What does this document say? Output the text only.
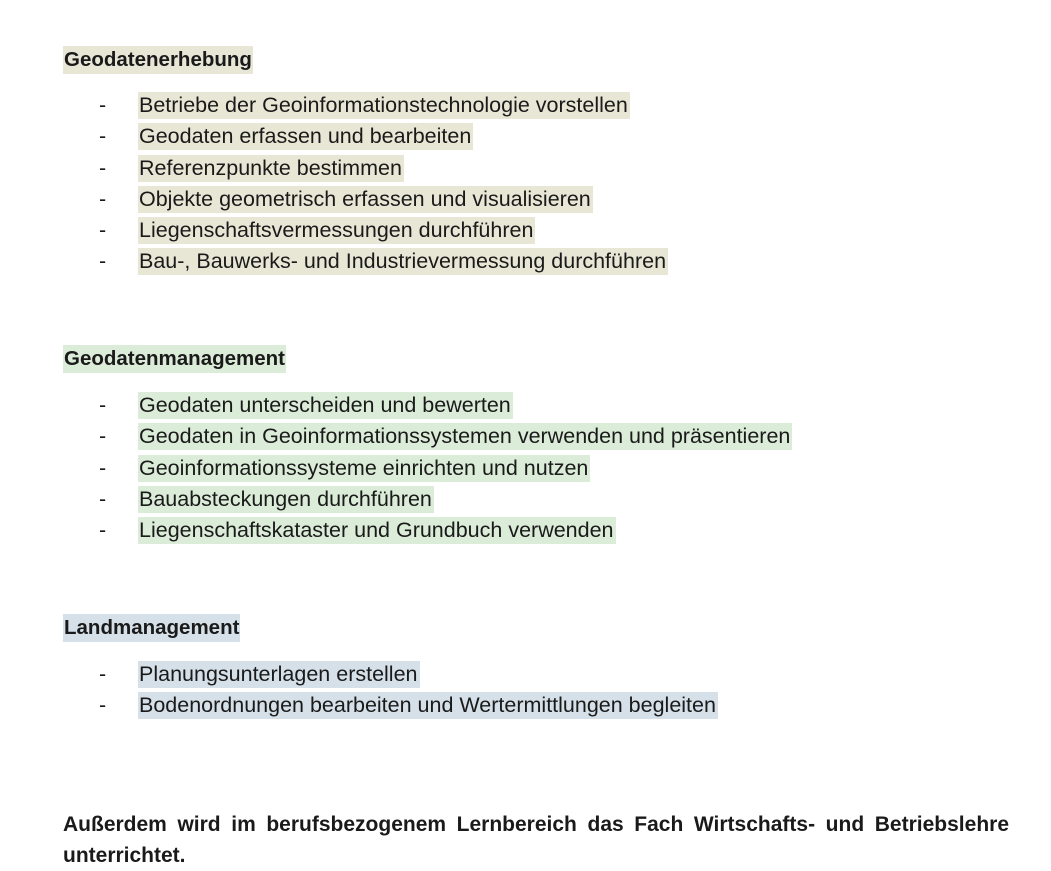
Geodatenerhebung
- Betriebe der Geoinformationstechnologie vorstellen
- Geodaten erfassen und bearbeiten
- Referenzpunkte bestimmen
- Objekte geometrisch erfassen und visualisieren
- Liegenschaftsvermessungen durchführen
- Bau-, Bauwerks- und Industrievermessung durchführen
Geodatenmanagement
- Geodaten unterscheiden und bewerten
- Geodaten in Geoinformationssystemen verwenden und präsentieren
- Geoinformationssysteme einrichten und nutzen
- Bauabsteckungen durchführen
- Liegenschaftskataster und Grundbuch verwenden
Landmanagement
- Planungsunterlagen erstellen
- Bodenordnungen bearbeiten und Wertermittlungen begleiten

Außerdem wird im berufsbezogenem Lernbereich das Fach Wirtschafts- und Betriebslehre unterrichtet.
